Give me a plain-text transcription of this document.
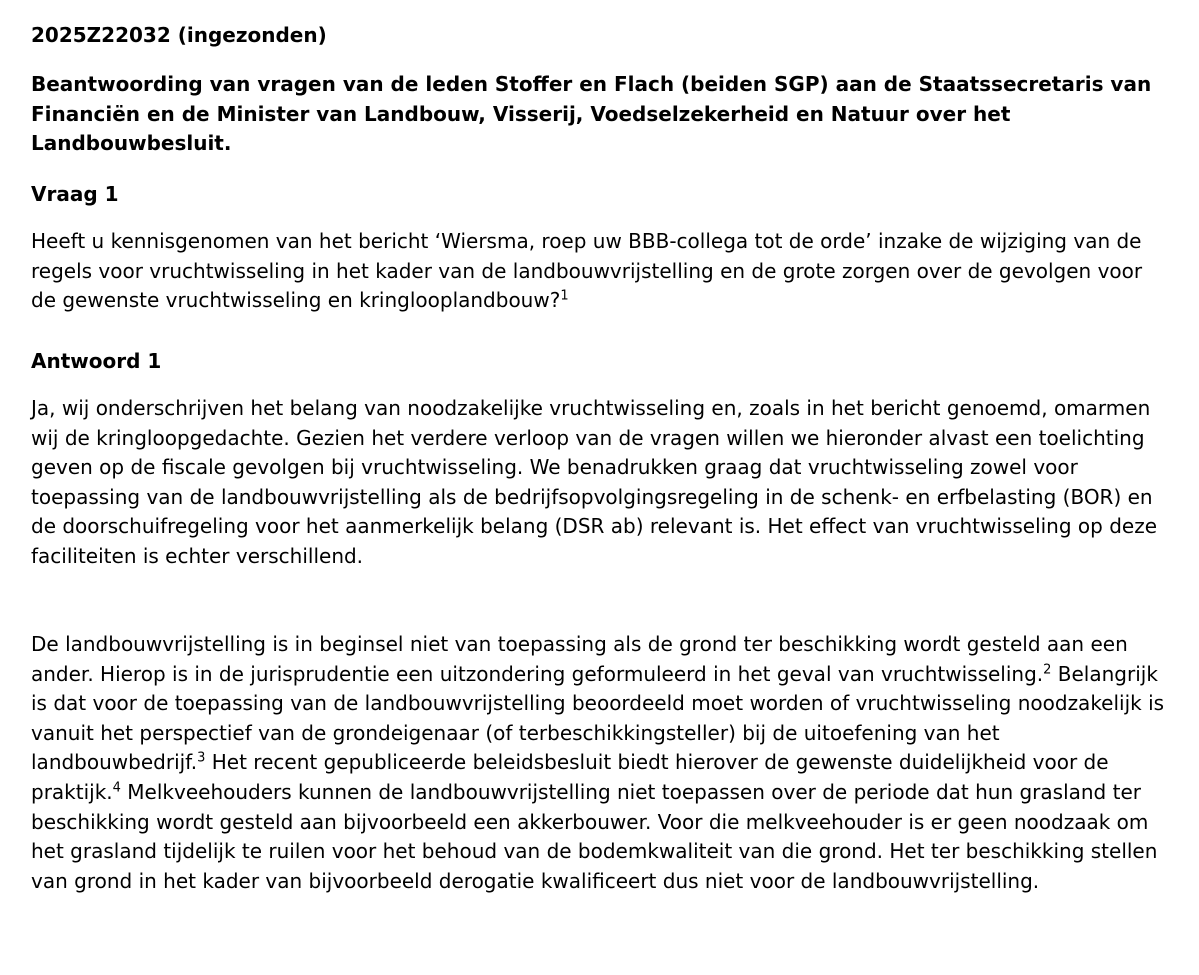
2025Z22032 (ingezonden)
Beantwoording van vragen van de leden Stoffer en Flach (beiden SGP) aan de Staatssecretaris van Financiën en de Minister van Landbouw, Visserij, Voedselzekerheid en Natuur over het Landbouwbesluit.
Vraag 1
Heeft u kennisgenomen van het bericht ‘Wiersma, roep uw BBB-collega tot de orde’ inzake de wijziging van de regels voor vruchtwisseling in het kader van de landbouwvrijstelling en de grote zorgen over de gevolgen voor de gewenste vruchtwisseling en kringlooplandbouw?$^1$
Antwoord 1
Ja, wij onderschrijven het belang van noodzakelijke vruchtwisseling en, zoals in het bericht genoemd, omarmen wij de kringloopgedachte. Gezien het verdere verloop van de vragen willen we hieronder alvast een toelichting geven op de fiscale gevolgen bij vruchtwisseling. We benadrukken graag dat vruchtwisseling zowel voor toepassing van de landbouwvrijstelling als de bedrijfsopvolgingsregeling in de schenk- en erfbelasting (BOR) en de doorschuifregeling voor het aanmerkelijk belang (DSR ab) relevant is. Het effect van vruchtwisseling op deze faciliteiten is echter verschillend.
De landbouwvrijstelling is in beginsel niet van toepassing als de grond ter beschikking wordt gesteld aan een ander. Hierop is in de jurisprudentie een uitzondering geformuleerd in het geval van vruchtwisseling.$^2$ Belangrijk is dat voor de toepassing van de landbouwvrijstelling beoordeeld moet worden of vruchtwisseling noodzakelijk is vanuit het perspectief van de grondeigenaar (of terbeschikkingsteller) bij de uitoefening van het landbouwbedrijf.$^3$ Het recent gepubliceerde beleidsbesluit biedt hierover de gewenste duidelijkheid voor de praktijk.$^4$ Melkveehouders kunnen de landbouwvrijstelling niet toepassen over de periode dat hun grasland ter beschikking wordt gesteld aan bijvoorbeeld een akkerbouwer. Voor die melkveehouder is er geen noodzaak om het grasland tijdelijk te ruilen voor het behoud van de bodemkwaliteit van die grond. Het ter beschikking stellen van grond in het kader van bijvoorbeeld derogatie kwalificeert dus niet voor de landbouwvrijstelling.
